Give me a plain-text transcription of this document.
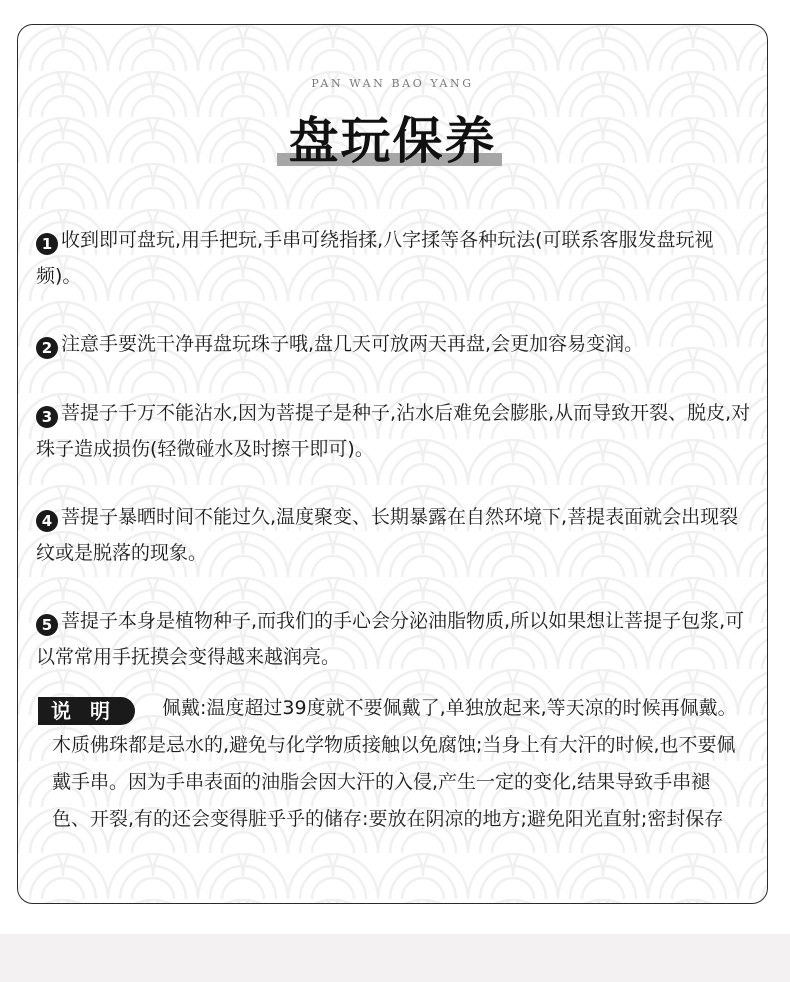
PAN WAN BAO YANG
盘玩保养
1 收到即可盘玩,用手把玩,手串可绕指揉,八字揉等各种玩法(可联系客服发盘玩视频)。
2 注意手要洗干净再盘玩珠子哦,盘几天可放两天再盘,会更加容易变润。
3 菩提子千万不能沾水,因为菩提子是种子,沾水后难免会膨胀,从而导致开裂、脱皮,对珠子造成损伤(轻微碰水及时擦干即可)。
4 菩提子暴晒时间不能过久,温度聚变、长期暴露在自然环境下,菩提表面就会出现裂纹或是脱落的现象。
5 菩提子本身是植物种子,而我们的手心会分泌油脂物质,所以如果想让菩提子包浆,可以常常用手抚摸会变得越来越润亮。
说 明	佩戴:温度超过39度就不要佩戴了,单独放起来,等天凉的时候再佩戴。木质佛珠都是忌水的,避免与化学物质接触以免腐蚀;当身上有大汗的时候,也不要佩戴手串。因为手串表面的油脂会因大汗的入侵,产生一定的变化,结果导致手串褪色、开裂,有的还会变得脏乎乎的储存:要放在阴凉的地方;避免阳光直射;密封保存
